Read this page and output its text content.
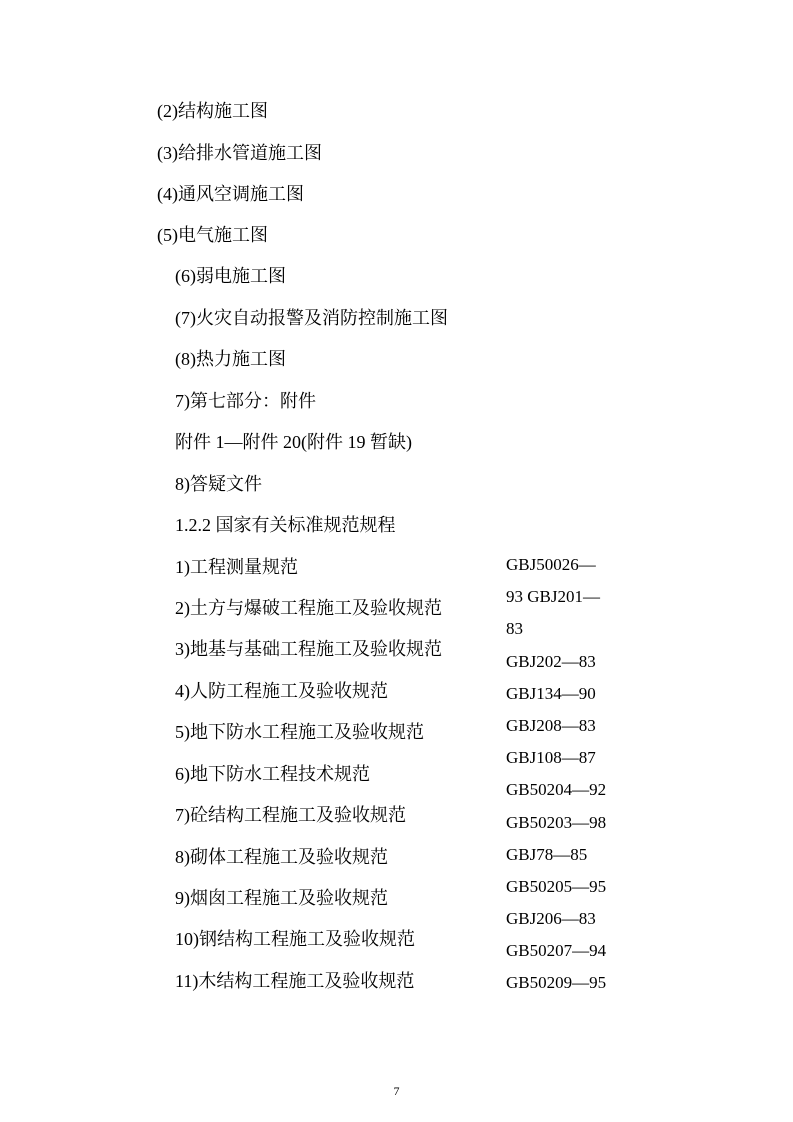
(2)结构施工图
(3)给排水管道施工图
(4)通风空调施工图
(5)电气施工图
(6)弱电施工图
(7)火灾自动报警及消防控制施工图
(8)热力施工图
7)第七部分：附件
附件 1—附件 20(附件 19 暂缺)
8)答疑文件
1.2.2 国家有关标准规范规程
1)工程测量规范
2)土方与爆破工程施工及验收规范
3)地基与基础工程施工及验收规范
4)人防工程施工及验收规范
5)地下防水工程施工及验收规范
6)地下防水工程技术规范
7)砼结构工程施工及验收规范
8)砌体工程施工及验收规范
9)烟囱工程施工及验收规范
10)钢结构工程施工及验收规范
11)木结构工程施工及验收规范
GBJ50026—
93 GBJ201—
83
GBJ202—83
GBJ134—90
GBJ208—83
GBJ108—87
GB50204—92
GB50203—98
GBJ78—85
GB50205—95
GBJ206—83
GB50207—94
GB50209—95
7
